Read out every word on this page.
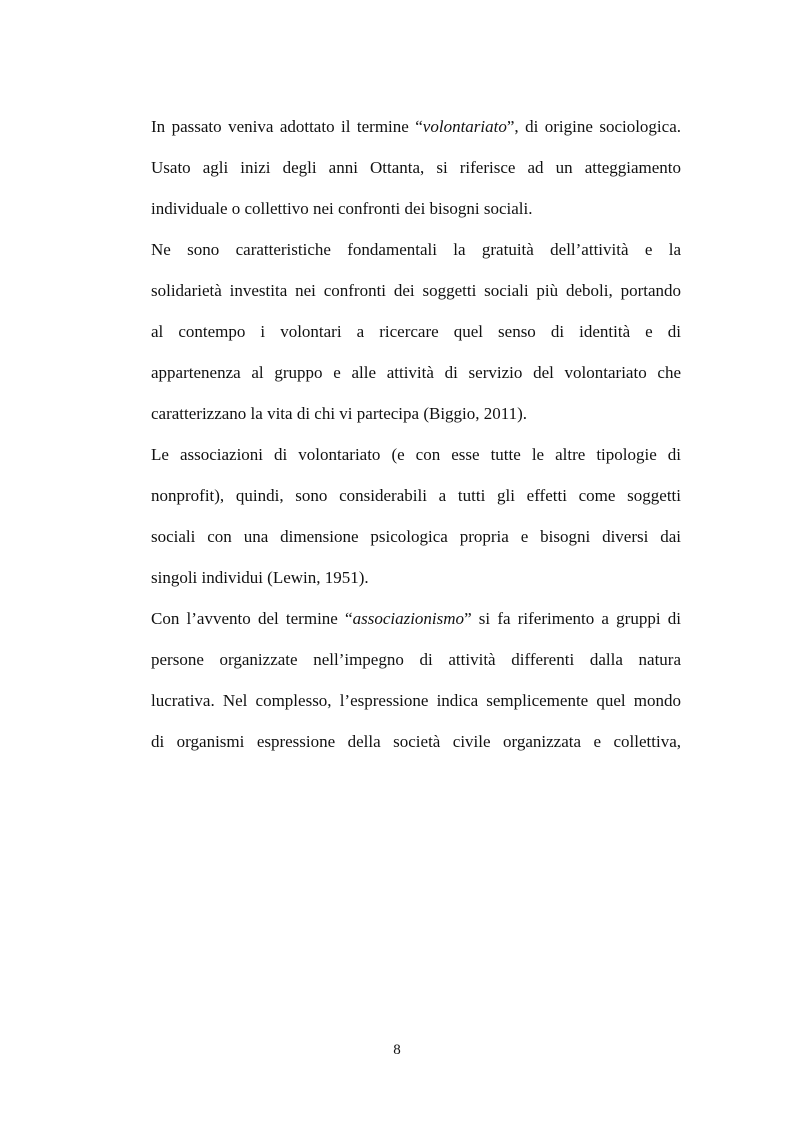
In passato veniva adottato il termine “volontariato”, di origine sociologica.
Usato agli inizi degli anni Ottanta, si riferisce ad un atteggiamento
individuale o collettivo nei confronti dei bisogni sociali.
Ne sono caratteristiche fondamentali la gratuità dell’attività e la
solidarietà investita nei confronti dei soggetti sociali più deboli, portando
al contempo i volontari a ricercare quel senso di identità e di
appartenenza al gruppo e alle attività di servizio del volontariato che
caratterizzano la vita di chi vi partecipa (Biggio, 2011).
Le associazioni di volontariato (e con esse tutte le altre tipologie di
nonprofit), quindi, sono considerabili a tutti gli effetti come soggetti
sociali con una dimensione psicologica propria e bisogni diversi dai
singoli individui (Lewin, 1951).
Con l’avvento del termine “associazionismo” si fa riferimento a gruppi di
persone organizzate nell’impegno di attività differenti dalla natura
lucrativa. Nel complesso, l’espressione indica semplicemente quel mondo
di organismi espressione della società civile organizzata e collettiva,
8
